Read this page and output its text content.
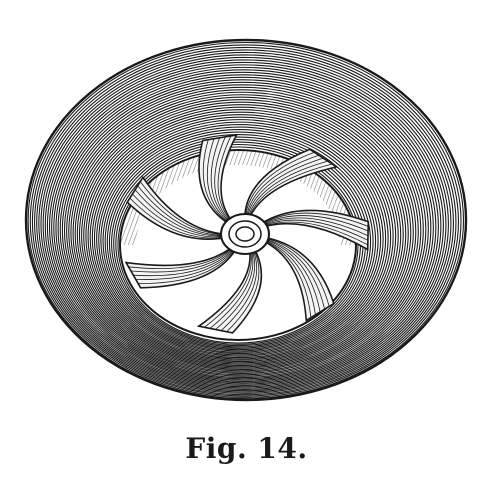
Fig. 14.
